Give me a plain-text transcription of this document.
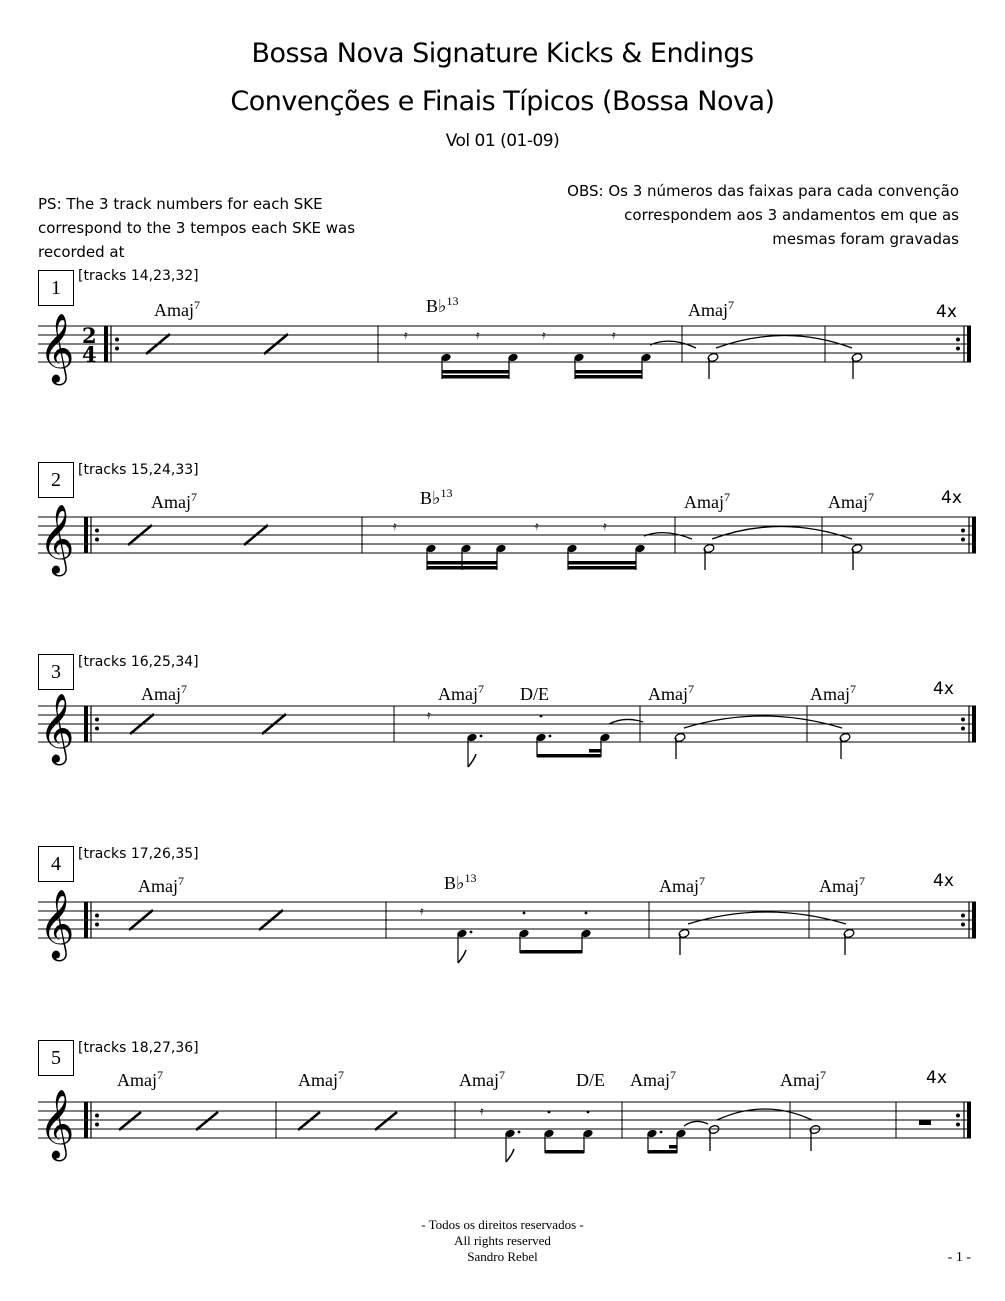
Bossa Nova Signature Kicks & Endings
Convenções e Finais Típicos (Bossa Nova)
Vol 01 (01-09)
PS: The 3 track numbers for each SKE correspond to the 3 tempos each SKE was recorded at
OBS: Os 3 números das faixas para cada convenção correspondem aos 3 andamentos em que as mesmas foram gravadas
1
[tracks 14,23,32]
Amaj$^7$	B♭$^{13}$	Amaj$^7$	4x
𝄞 2
4
𝄿	𝄿	𝄿	𝄿
2	[tracks 15,24,33]
Amaj$^7$	B♭$^{13}$	Amaj$^7$	Amaj$^7$	4x
𝄞	𝄿	𝄿	𝄿
3	[tracks 16,25,34]
Amaj$^7$	Amaj$^7$ D/E	Amaj$^7$	Amaj$^7$	4x
𝄞	𝄿
4	[tracks 17,26,35]
Amaj$^7$	B♭$^{13}$	Amaj$^7$	Amaj$^7$	4x
𝄞	𝄿
5	[tracks 18,27,36]
Amaj$^7$	Amaj$^7$	Amaj$^7$	D/E Amaj$^7$	Amaj$^7$	4x
𝄞	𝄿
- Todos os direitos reservados -
All rights reserved
Sandro Rebel	- 1 -
